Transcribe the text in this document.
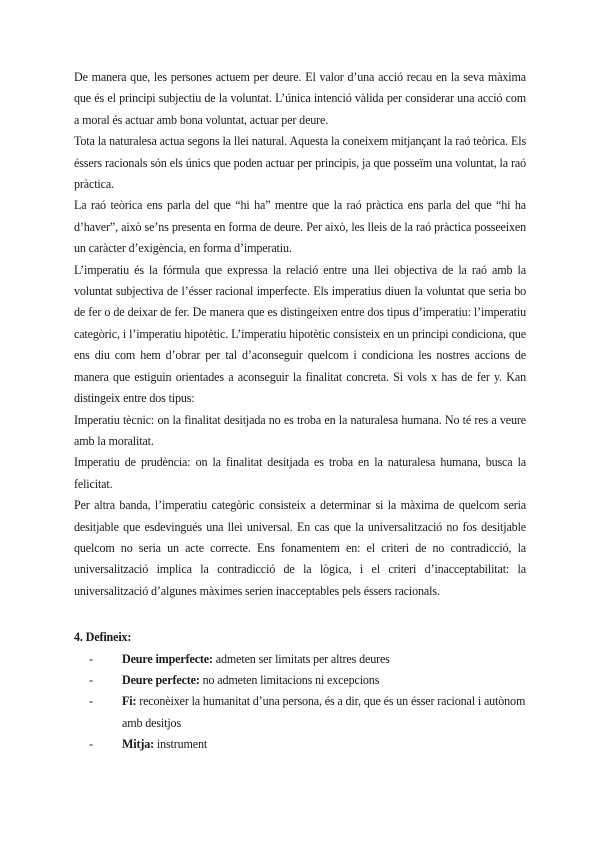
De manera que, les persones actuem per deure. El valor d’una acció recau en la seva màxima que és el principi subjectiu de la voluntat. L’única intenció vàlida per considerar una acció com a moral és actuar amb bona voluntat, actuar per deure.

Tota la naturalesa actua segons la llei natural. Aquesta la coneixem mitjançant la raó teòrica. Els éssers racionals són els únics que poden actuar per principis, ja que posseïm una voluntat, la raó pràctica.

La raó teòrica ens parla del que “hi ha” mentre que la raó pràctica ens parla del que “hi ha d’haver”, això se’ns presenta en forma de deure. Per això, les lleis de la raó pràctica posseeixen un caràcter d’exigència, en forma d’imperatiu.

L’imperatiu és la fórmula que expressa la relació entre una llei objectiva de la raó amb la voluntat subjectiva de l’ésser racional imperfecte. Els imperatius diuen la voluntat que seria bo de fer o de deixar de fer. De manera que es distingeixen entre dos tipus d’imperatiu: l’imperatiu categòric, i l’imperatiu hipotètic. L’imperatiu hipotètic consisteix en un principi condiciona, que ens diu com hem d’obrar per tal d’aconseguir quelcom i condiciona les nostres accions de manera que estiguin orientades a aconseguir la finalitat concreta. Si vols x has de fer y. Kan distingeix entre dos tipus:

Imperatiu tècnic: on la finalitat desitjada no es troba en la naturalesa humana. No té res a veure amb la moralitat.

Imperatiu de prudència: on la finalitat desitjada es troba en la naturalesa humana, busca la felicitat.

Per altra banda, l’imperatiu categòric consisteix a determinar si la màxima de quelcom seria desitjable que esdevingués una llei universal. En cas que la universalització no fos desitjable quelcom no seria un acte correcte. Ens fonamentem en: el criteri de no contradicció, la universalització implica la contradicció de la lògica, i el criteri d’inacceptabilitat: la universalització d’algunes màximes serien inacceptables pels éssers racionals.

4. Defineix:

- Deure imperfecte: admeten ser limitats per altres deures
- Deure perfecte: no admeten limitacions ni excepcions
- Fi: reconèixer la humanitat d’una persona, és a dir, que és un ésser racional i autònom amb desitjos
- Mitja: instrument
